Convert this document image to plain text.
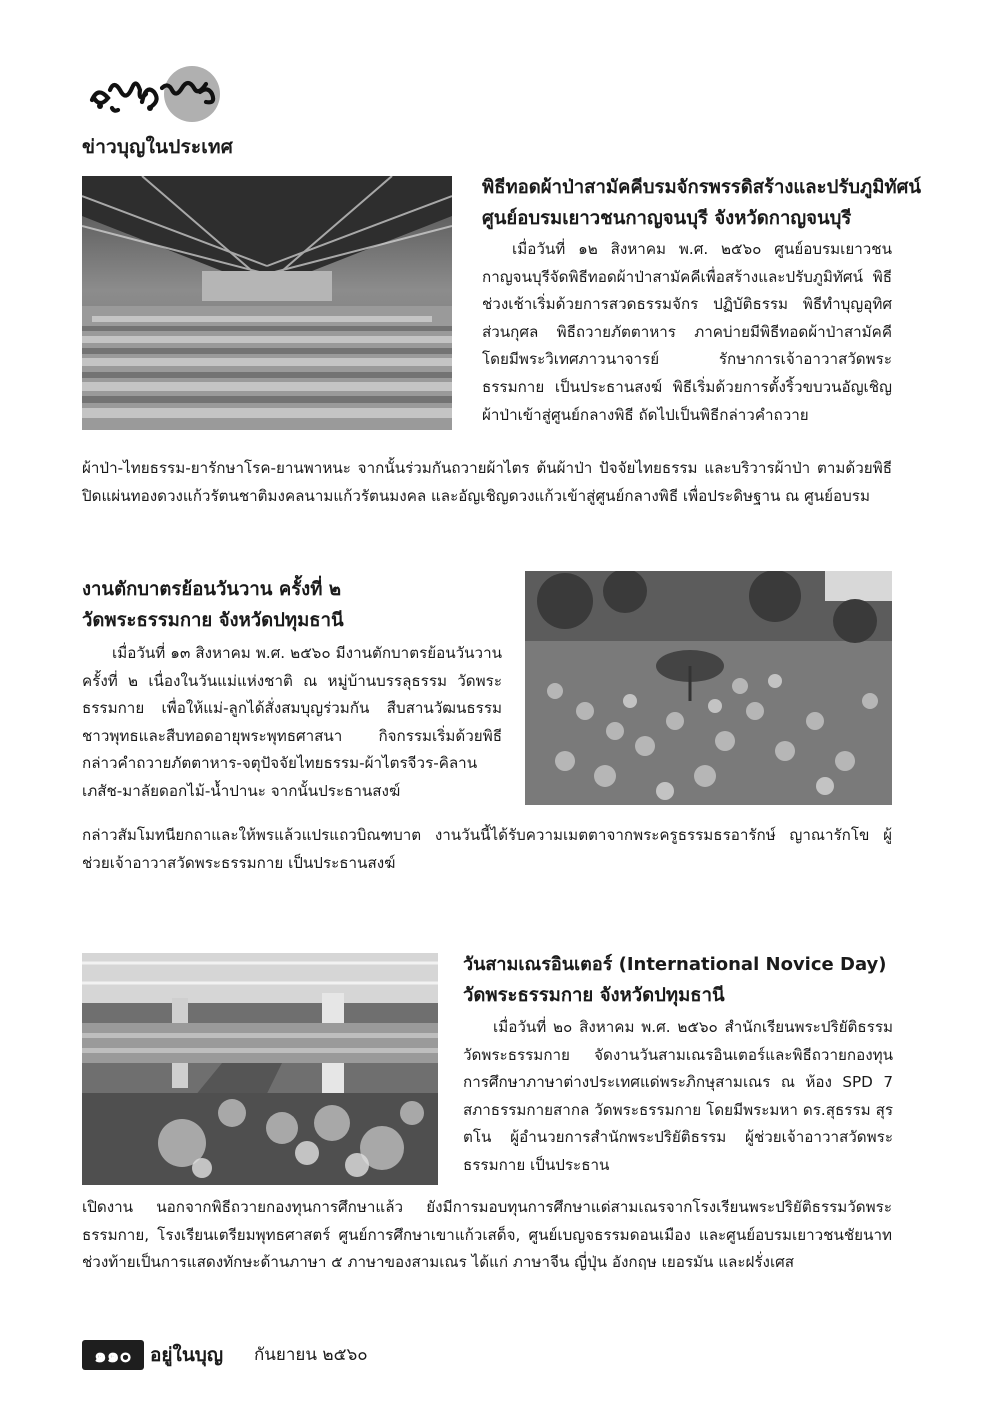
ข่าวบุญในประเทศ
พิธีทอดผ้าป่าสามัคคีบรมจักรพรรดิสร้างและปรับภูมิทัศน์
ศูนย์อบรมเยาวชนกาญจนบุรี จังหวัดกาญจนบุรี
เมื่อวันที่ ๑๒ สิงหาคม พ.ศ. ๒๕๖๐ ศูนย์อบรมเยาวชนกาญจนบุรีจัดพิธีทอดผ้าป่าสามัคคีเพื่อสร้างและปรับภูมิทัศน์ พิธีช่วงเช้าเริ่มด้วยการสวดธรรมจักร ปฏิบัติธรรม พิธีทำบุญอุทิศส่วนกุศล พิธีถวายภัตตาหาร ภาคบ่ายมีพิธีทอดผ้าป่าสามัคคี โดยมีพระวิเทศภาวนาจารย์ รักษาการเจ้าอาวาสวัดพระธรรมกาย เป็นประธานสงฆ์ พิธีเริ่มด้วยการตั้งริ้วขบวนอัญเชิญผ้าป่าเข้าสู่ศูนย์กลางพิธี ถัดไปเป็นพิธีกล่าวคำถวาย
ผ้าป่า-ไทยธรรม-ยารักษาโรค-ยานพาหนะ จากนั้นร่วมกันถวายผ้าไตร ต้นผ้าป่า ปัจจัยไทยธรรม และบริวารผ้าป่า ตามด้วยพิธีปิดแผ่นทองดวงแก้วรัตนชาติมงคลนามแก้วรัตนมงคล และอัญเชิญดวงแก้วเข้าสู่ศูนย์กลางพิธี เพื่อประดิษฐาน ณ ศูนย์อบรม
งานตักบาตรย้อนวันวาน ครั้งที่ ๒
วัดพระธรรมกาย จังหวัดปทุมธานี
เมื่อวันที่ ๑๓ สิงหาคม พ.ศ. ๒๕๖๐ มีงานตักบาตรย้อนวันวาน ครั้งที่ ๒ เนื่องในวันแม่แห่งชาติ ณ หมู่บ้านบรรลุธรรม วัดพระธรรมกาย เพื่อให้แม่-ลูกได้สั่งสมบุญร่วมกัน สืบสานวัฒนธรรมชาวพุทธและสืบทอดอายุพระพุทธศาสนา กิจกรรมเริ่มด้วยพิธีกล่าวคำถวายภัตตาหาร-จตุปัจจัยไทยธรรม-ผ้าไตรจีวร-คิลานเภสัช-มาลัยดอกไม้-น้ำปานะ จากนั้นประธานสงฆ์
กล่าวสัมโมทนียกถาและให้พรแล้วแปรแถวบิณฑบาต งานวันนี้ได้รับความเมตตาจากพระครูธรรมธรอารักษ์ ญาณารักโข ผู้ช่วยเจ้าอาวาสวัดพระธรรมกาย เป็นประธานสงฆ์
วันสามเณรอินเตอร์ (International Novice Day)
วัดพระธรรมกาย จังหวัดปทุมธานี
เมื่อวันที่ ๒๐ สิงหาคม พ.ศ. ๒๕๖๐ สำนักเรียนพระปริยัติธรรม วัดพระธรรมกาย จัดงานวันสามเณรอินเตอร์และพิธีถวายกองทุนการศึกษาภาษาต่างประเทศแด่พระภิกษุสามเณร ณ ห้อง SPD 7 สภาธรรมกายสากล วัดพระธรรมกาย โดยมีพระมหา ดร.สุธรรม สุรตโน ผู้อำนวยการสำนักพระปริยัติธรรม ผู้ช่วยเจ้าอาวาสวัดพระธรรมกาย เป็นประธาน
เปิดงาน นอกจากพิธีถวายกองทุนการศึกษาแล้ว ยังมีการมอบทุนการศึกษาแด่สามเณรจากโรงเรียนพระปริยัติธรรมวัดพระธรรมกาย, โรงเรียนเตรียมพุทธศาสตร์ ศูนย์การศึกษาเขาแก้วเสด็จ, ศูนย์เบญจธรรมดอนเมือง และศูนย์อบรมเยาวชนชัยนาท ช่วงท้ายเป็นการแสดงทักษะด้านภาษา ๕ ภาษาของสามเณร ได้แก่ ภาษาจีน ญี่ปุ่น อังกฤษ เยอรมัน และฝรั่งเศส
๑๑๐ อยู่ในบุญ กันยายน ๒๕๖๐
